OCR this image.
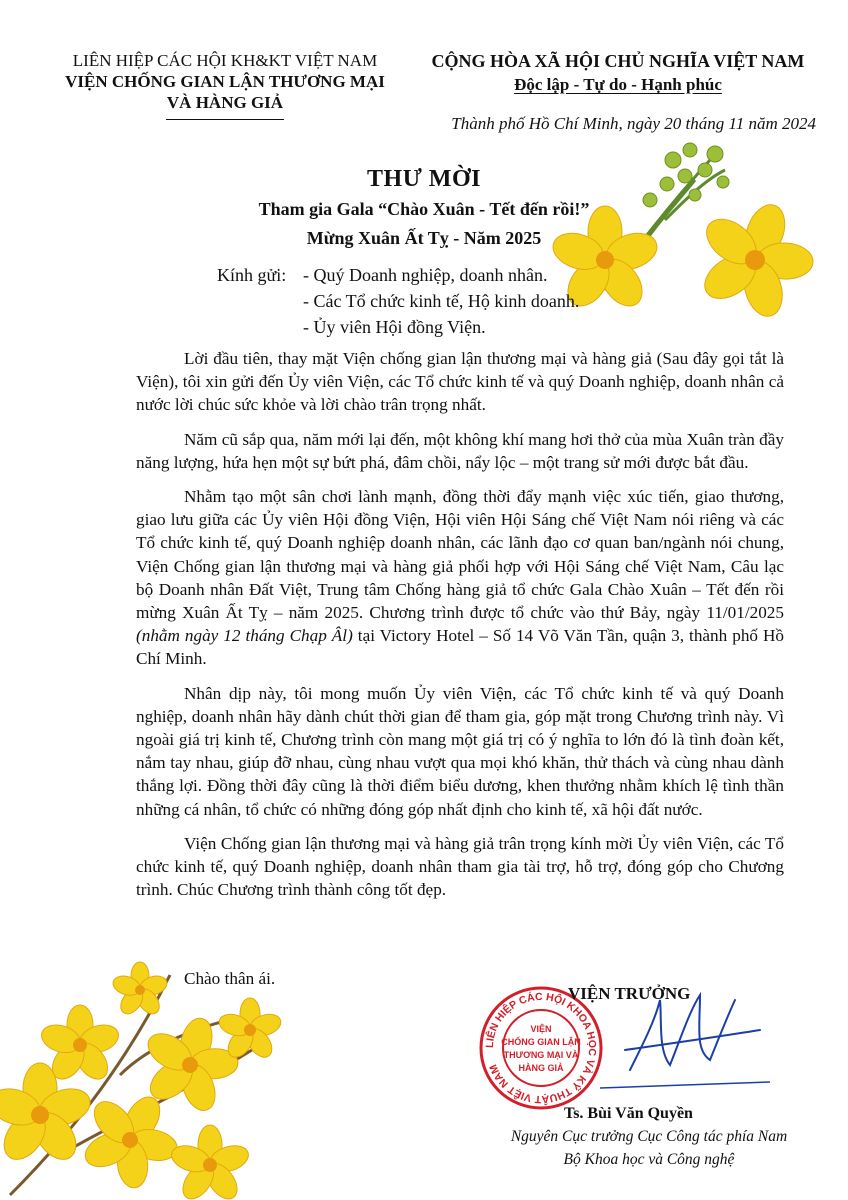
LIÊN HIỆP CÁC HỘI KH&KT VIỆT NAM
VIỆN CHỐNG GIAN LẬN THƯƠNG MẠI
VÀ HÀNG GIẢ
CỘNG HÒA XÃ HỘI CHỦ NGHĨA VIỆT NAM
Độc lập - Tự do - Hạnh phúc
Thành phố Hồ Chí Minh, ngày 20 tháng 11 năm 2024
THƯ MỜI
Tham gia Gala “Chào Xuân - Tết đến rồi!”
Mừng Xuân Ất Tỵ - Năm 2025
Kính gửi: - Quý Doanh nghiệp, doanh nhân.
- Các Tổ chức kinh tế, Hộ kinh doanh.
- Ủy viên Hội đồng Viện.

Lời đầu tiên, thay mặt Viện chống gian lận thương mại và hàng giả (Sau đây gọi tắt là Viện), tôi xin gửi đến Ủy viên Viện, các Tổ chức kinh tế và quý Doanh nghiệp, doanh nhân cả nước lời chúc sức khỏe và lời chào trân trọng nhất.

Năm cũ sắp qua, năm mới lại đến, một không khí mang hơi thở của mùa Xuân tràn đầy năng lượng, hứa hẹn một sự bứt phá, đâm chồi, nẩy lộc – một trang sử mới được bắt đầu.

Nhằm tạo một sân chơi lành mạnh, đồng thời đẩy mạnh việc xúc tiến, giao thương, giao lưu giữa các Ủy viên Hội đồng Viện, Hội viên Hội Sáng chế Việt Nam nói riêng và các Tổ chức kinh tế, quý Doanh nghiệp doanh nhân, các lãnh đạo cơ quan ban/ngành nói chung, Viện Chống gian lận thương mại và hàng giả phối hợp với Hội Sáng chế Việt Nam, Câu lạc bộ Doanh nhân Đất Việt, Trung tâm Chống hàng giả tổ chức Gala Chào Xuân – Tết đến rồi mừng Xuân Ất Tỵ – năm 2025. Chương trình được tổ chức vào thứ Bảy, ngày 11/01/2025 (nhằm ngày 12 tháng Chạp Âl) tại Victory Hotel – Số 14 Võ Văn Tần, quận 3, thành phố Hồ Chí Minh.

Nhân dịp này, tôi mong muốn Ủy viên Viện, các Tổ chức kinh tế và quý Doanh nghiệp, doanh nhân hãy dành chút thời gian để tham gia, góp mặt trong Chương trình này. Vì ngoài giá trị kinh tế, Chương trình còn mang một giá trị có ý nghĩa to lớn đó là tình đoàn kết, nắm tay nhau, giúp đỡ nhau, cùng nhau vượt qua mọi khó khăn, thử thách và cùng nhau dành thắng lợi. Đồng thời đây cũng là thời điểm biểu dương, khen thưởng nhằm khích lệ tình thần những cá nhân, tổ chức có những đóng góp nhất định cho kinh tế, xã hội đất nước.

Viện Chống gian lận thương mại và hàng giả trân trọng kính mời Ủy viên Viện, các Tổ chức kinh tế, quý Doanh nghiệp, doanh nhân tham gia tài trợ, hỗ trợ, đóng góp cho Chương trình. Chúc Chương trình thành công tốt đẹp.

Chào thân ái.
LIÊN HIỆP CÁC HỘI KHOA HỌC VÀ KỸ THUẬT VIỆT NAM
VIỆN
CHỐNG GIAN LẬN
THƯƠNG MẠI VÀ
HÀNG GIẢ
VIỆN TRƯỞNG
Ts. Bùi Văn Quyền
Nguyên Cục trưởng Cục Công tác phía Nam
Bộ Khoa học và Công nghệ
